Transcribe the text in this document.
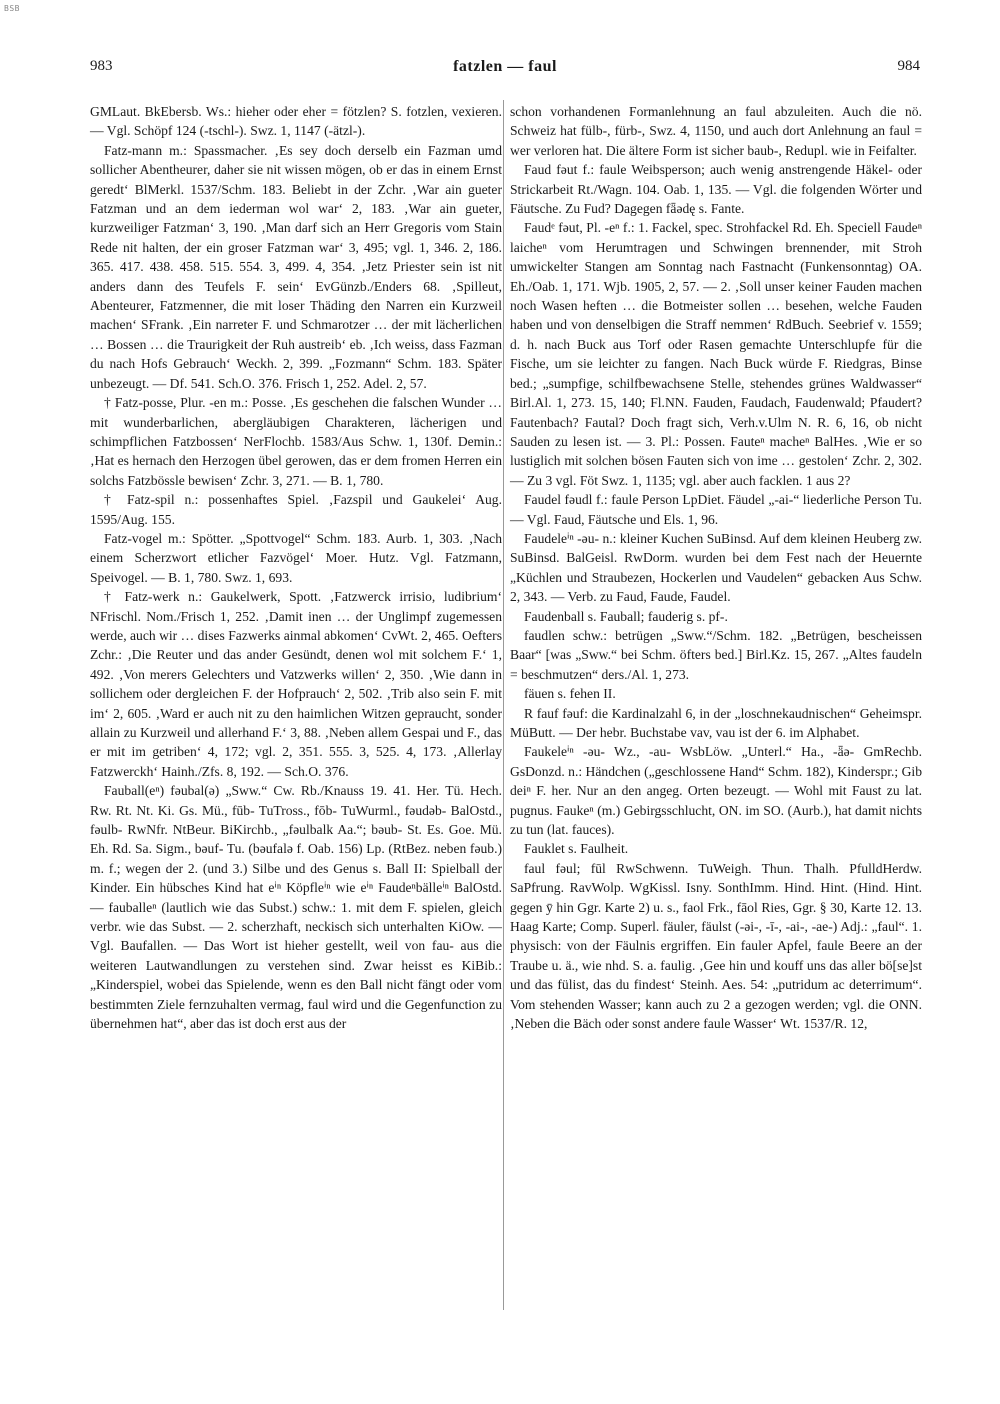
BSB
983	fatzlen — faul	984

GMLaut. BkEbersb. Ws.: hieher oder eher = fötzlen? S. fotzlen, vexieren. — Vgl. Schöpf 124 (-tschl-). Swz. 1, 1147 (-ätzl-).

Fatz-mann m.: Spassmacher. ‚Es sey doch derselb ein Fazman umd sollicher Abentheurer, daher sie nit wissen mögen, ob er das in einem Ernst geredt‘ BlMerkl. 1537/Schm. 183. Beliebt in der Zchr. ‚War ain gueter Fatzman und an dem iederman wol war‘ 2, 183. ‚War ain gueter, kurzweiliger Fatzman‘ 3, 190. ‚Man darf sich an Herr Gregoris vom Stain Rede nit halten, der ein groser Fatzman war‘ 3, 495; vgl. 1, 346. 2, 186. 365. 417. 438. 458. 515. 554. 3, 499. 4, 354. ‚Jetz Priester sein ist nit anders dann des Teufels F. sein‘ EvGünzb./Enders 68. ‚Spilleut, Abenteurer, Fatzmenner, die mit loser Thäding den Narren ein Kurzweil machen‘ SFrank. ‚Ein narreter F. und Schmarotzer … der mit lächerlichen … Bossen … die Traurigkeit der Ruh austreib‘ eb. ‚Ich weiss, dass Fazman du nach Hofs Gebrauch‘ Weckh. 2, 399. „Fozmann“ Schm. 183. Später unbezeugt. — Df. 541. Sch.O. 376. Frisch 1, 252. Adel. 2, 57.

† Fatz-posse, Plur. -en m.: Posse. ‚Es geschehen die falschen Wunder … mit wunderbarlichen, abergläubigen Charakteren, lächerigen und schimpflichen Fatzbossen‘ NerFlochb. 1583/Aus Schw. 1, 130f. Demin.: ‚Hat es hernach den Herzogen übel gerowen, das er dem fromen Herren ein solchs Fatzbössle bewisen‘ Zchr. 3, 271. — B. 1, 780.

† Fatz-spil n.: possenhaftes Spiel. ‚Fazspil und Gaukelei‘ Aug. 1595/Aug. 155.

Fatz-vogel m.: Spötter. „Spottvogel“ Schm. 183. Aurb. 1, 303. ‚Nach einem Scherzwort etlicher Fazvögel‘ Moer. Hutz. Vgl. Fatzmann, Speivogel. — B. 1, 780. Swz. 1, 693.

† Fatz-werk n.: Gaukelwerk, Spott. ‚Fatzwerck irrisio, ludibrium‘ NFrischl. Nom./Frisch 1, 252. ‚Damit inen … der Unglimpf zugemessen werde, auch wir … dises Fazwerks ainmal abkomen‘ CvWt. 2, 465. Oefters Zchr.: ‚Die Reuter und das ander Gesündt, denen wol mit solchem F.‘ 1, 492. ‚Von merers Gelechters und Vatzwerks willen‘ 2, 350. ‚Wie dann in sollichem oder dergleichen F. der Hofprauch‘ 2, 502. ‚Trib also sein F. mit im‘ 2, 605. ‚Ward er auch nit zu den haimlichen Witzen gepraucht, sonder allain zu Kurzweil und allerhand F.‘ 3, 88. ‚Neben allem Gespai und F., das er mit im getriben‘ 4, 172; vgl. 2, 351. 555. 3, 525. 4, 173. ‚Allerlay Fatzwerckh‘ Hainh./Zfs. 8, 192. — Sch.O. 376.

Fauball(eⁿ) fəubal(ə) „Sww.“ Cw. Rb./Knauss 19. 41. Her. Tü. Hech. Rw. Rt. Nt. Ki. Gs. Mü., fūb- TuTross., fōb- TuWurml., fəudəb- BalOstd., fəulb- RwNfr. NtBeur. BiKirchb., „fəulbalk Aa.“; bəub- St. Es. Goe. Mü. Eh. Rd. Sa. Sigm., bəuf- Tu. (bəufalə f. Oab. 156) Lp. (RtBez. neben fəub.) m. f.; wegen der 2. (und 3.) Silbe und des Genus s. Ball II: Spielball der Kinder. Ein hübsches Kind hat eⁱⁿ Köpfleⁱⁿ wie eⁱⁿ Faudeⁿbälleⁱⁿ BalOstd. — fauballeⁿ (lautlich wie das Subst.) schw.: 1. mit dem F. spielen, gleich verbr. wie das Subst. — 2. scherzhaft, neckisch sich unterhalten KiOw. — Vgl. Baufallen. — Das Wort ist hieher gestellt, weil von fau- aus die weiteren Lautwandlungen zu verstehen sind. Zwar heisst es KiBib.: „Kinderspiel, wobei das Spielende, wenn es den Ball nicht fängt oder vom bestimmten Ziele fernzuhalten vermag, faul wird und die Gegenfunction zu übernehmen hat“, aber das ist doch erst aus der

schon vorhandenen Formanlehnung an faul abzuleiten. Auch die nö. Schweiz hat fülb-, fürb-, Swz. 4, 1150, und auch dort Anlehnung an faul = wer verloren hat. Die ältere Form ist sicher baub-, Redupl. wie in Feifalter.

Faud fəut f.: faule Weibsperson; auch wenig anstrengende Häkel- oder Strickarbeit Rt./Wagn. 104. Oab. 1, 135. — Vgl. die folgenden Wörter und Fäutsche. Zu Fud? Dagegen fǟədę s. Fante.

Faudᵉ fəut, Pl. -eⁿ f.: 1. Fackel, spec. Strohfackel Rd. Eh. Speciell Faudeⁿ laicheⁿ vom Herumtragen und Schwingen brennender, mit Stroh umwickelter Stangen am Sonntag nach Fastnacht (Funkensonntag) OA. Eh./Oab. 1, 171. Wjb. 1905, 2, 57. — 2. ‚Soll unser keiner Fauden machen noch Wasen heften … die Botmeister sollen … besehen, welche Fauden haben und von denselbigen die Straff nemmen‘ RdBuch. Seebrief v. 1559; d. h. nach Buck aus Torf oder Rasen gemachte Unterschlupfe für die Fische, um sie leichter zu fangen. Nach Buck würde F. Riedgras, Binse bed.; „sumpfige, schilfbewachsene Stelle, stehendes grünes Waldwasser“ Birl.Al. 1, 273. 15, 140; Fl.NN. Fauden, Faudach, Faudenwald; Pfaudert? Fautenbach? Fautal? Doch fragt sich, Verh.v.Ulm N. R. 6, 16, ob nicht Sauden zu lesen ist. — 3. Pl.: Possen. Fauteⁿ macheⁿ BalHes. ‚Wie er so lustiglich mit solchen bösen Fauten sich von ime … gestolen‘ Zchr. 2, 302. — Zu 3 vgl. Föt Swz. 1, 1135; vgl. aber auch facklen. 1 aus 2?

Faudel fəudl f.: faule Person LpDiet. Fäudel „-ai-“ liederliche Person Tu. — Vgl. Faud, Fäutsche und Els. 1, 96.

Faudeleⁱⁿ -əu- n.: kleiner Kuchen SuBinsd. Auf dem kleinen Heuberg zw. SuBinsd. BalGeisl. RwDorm. wurden bei dem Fest nach der Heuernte „Küchlen und Straubezen, Hockerlen und Vaudelen“ gebacken Aus Schw. 2, 343. — Verb. zu Faud, Faude, Faudel.

Faudenball s. Fauball; fauderig s. pf-.

faudlen schw.: betrügen „Sww.“/Schm. 182. „Betrügen, bescheissen Baar“ [was „Sww.“ bei Schm. öfters bed.] Birl.Kz. 15, 267. „Altes faudeln = beschmutzen“ ders./Al. 1, 273.

fäuen s. fehen II.

R fauf fəuf: die Kardinalzahl 6, in der „loschnekaudnischen“ Geheimspr. MüButt. — Der hebr. Buchstabe vav, vau ist der 6. im Alphabet.

Faukeleⁱⁿ -əu- Wz., -au- WsbLöw. „Unterl.“ Ha., -ǟə- GmRechb. GsDonzd. n.: Händchen („geschlossene Hand“ Schm. 182), Kinderspr.; Gib deiⁿ F. her. Nur an den angeg. Orten bezeugt. — Wohl mit Faust zu lat. pugnus. Faukeⁿ (m.) Gebirgsschlucht, ON. im SO. (Aurb.), hat damit nichts zu tun (lat. fauces).

Fauklet s. Faulheit.

faul fəul; fūl RwSchwenn. TuWeigh. Thun. Thalh. PfulldHerdw. SaPfrung. RavWolp. WgKissl. Isny. SonthImm. Hind. Hint. (Hind. Hint. gegen ȳ hin Ggr. Karte 2) u. s., faol Frk., fāol Ries, Ggr. § 30, Karte 12. 13. Haag Karte; Comp. Superl. fäuler, fäulst (-əi-, -ī-, -ai-, -ae-) Adj.: „faul“. 1. physisch: von der Fäulnis ergriffen. Ein fauler Apfel, faule Beere an der Traube u. ä., wie nhd. S. a. faulig. ‚Gee hin und kouff uns das aller bö[se]st und das fülist, das du findest‘ Steinh. Aes. 54: „putridum ac deterrimum“. Vom stehenden Wasser; kann auch zu 2 a gezogen werden; vgl. die ONN. ‚Neben die Bäch oder sonst andere faule Wasser‘ Wt. 1537/R. 12,
